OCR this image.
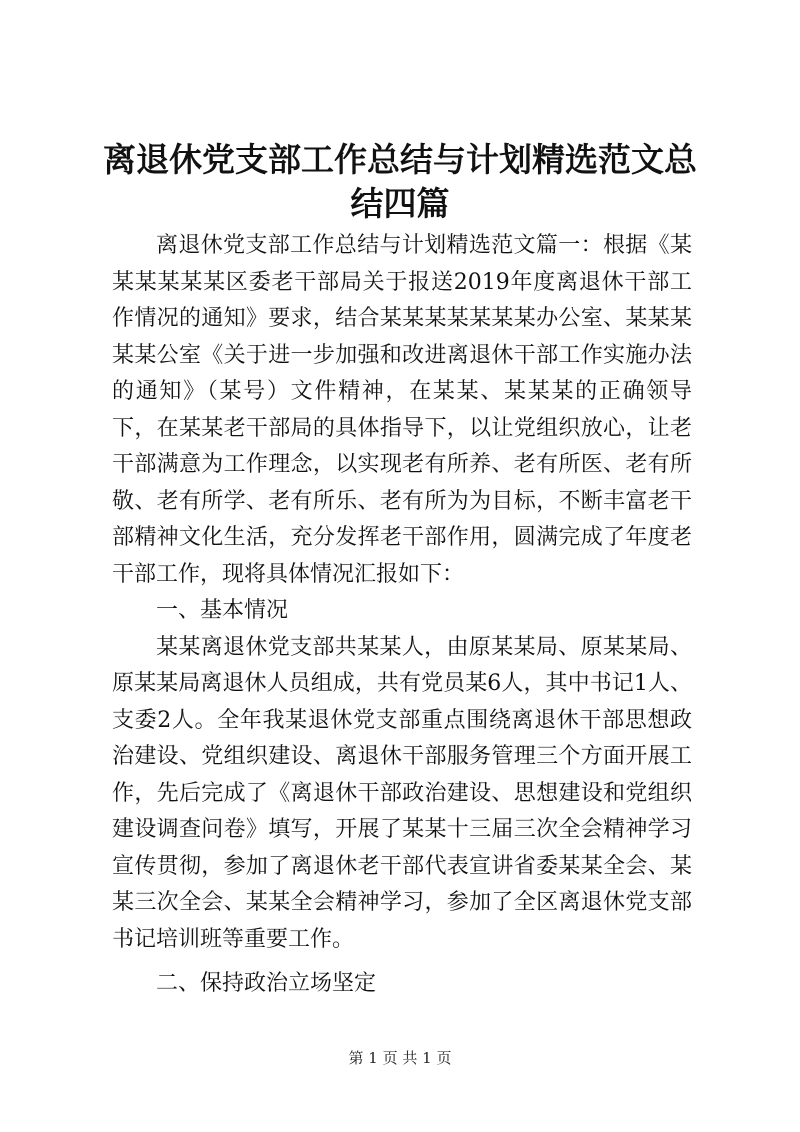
离退休党支部工作总结与计划精选范文总结四篇

离退休党支部工作总结与计划精选范文篇一：根据《某某某某某某区委老干部局关于报送2019年度离退休干部工作情况的通知》要求，结合某某某某某某某办公室、某某某某某公室《关于进一步加强和改进离退休干部工作实施办法的通知》（某号）文件精神，在某某、某某某的正确领导下，在某某老干部局的具体指导下，以让党组织放心，让老干部满意为工作理念，以实现老有所养、老有所医、老有所敬、老有所学、老有所乐、老有所为为目标，不断丰富老干部精神文化生活，充分发挥老干部作用，圆满完成了年度老干部工作，现将具体情况汇报如下：

一、基本情况

某某离退休党支部共某某人，由原某某局、原某某局、原某某局离退休人员组成，共有党员某6人，其中书记1人、支委2人。全年我某退休党支部重点围绕离退休干部思想政治建设、党组织建设、离退休干部服务管理三个方面开展工作，先后完成了《离退休干部政治建设、思想建设和党组织建设调查问卷》填写，开展了某某十三届三次全会精神学习宣传贯彻，参加了离退休老干部代表宣讲省委某某全会、某某三次全会、某某全会精神学习，参加了全区离退休党支部书记培训班等重要工作。

二、保持政治立场坚定

第 1 页 共 1 页
